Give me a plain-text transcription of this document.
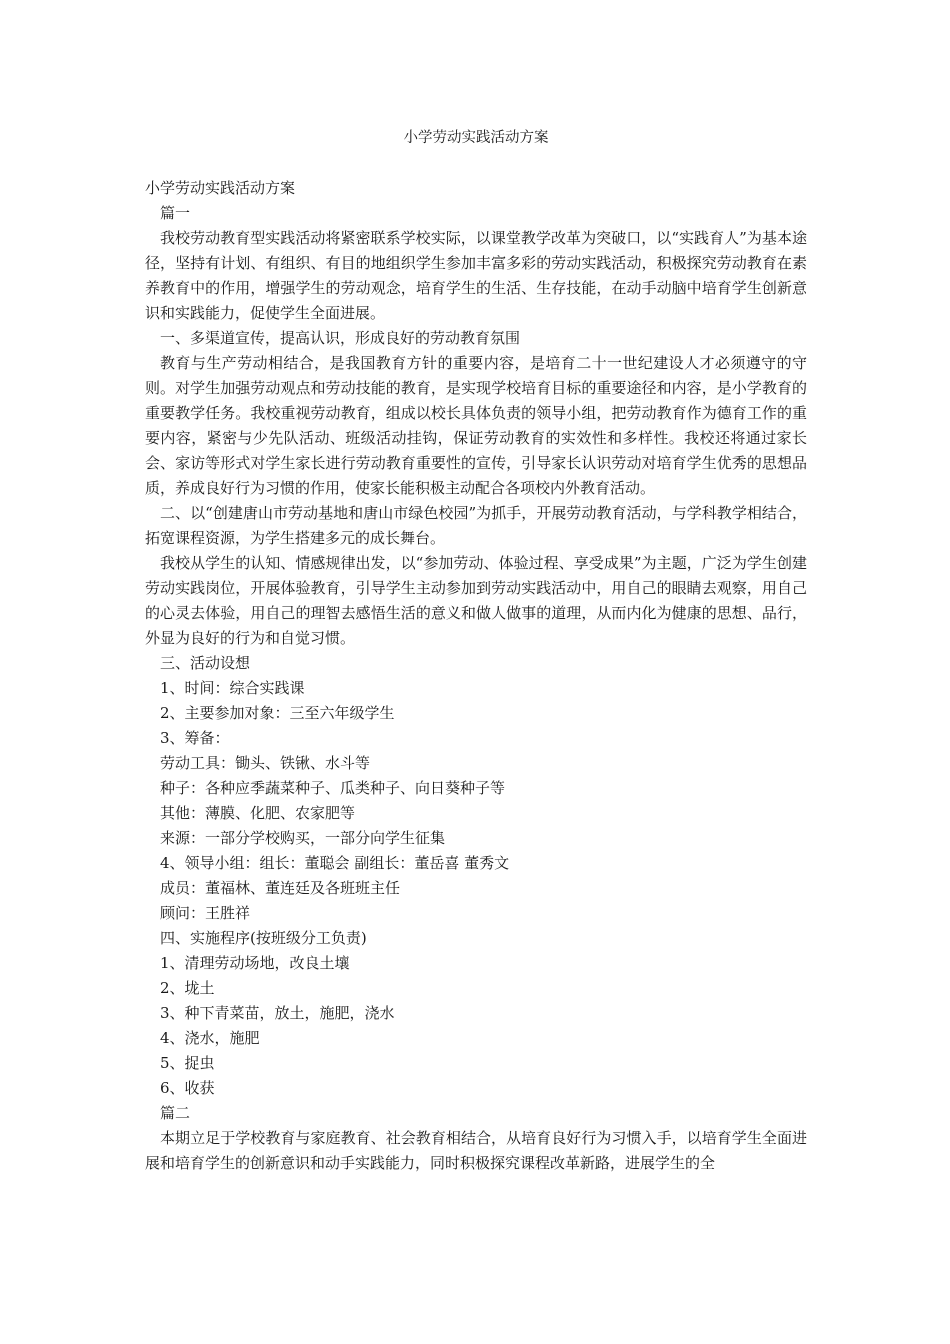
小学劳动实践活动方案

小学劳动实践活动方案

篇一

我校劳动教育型实践活动将紧密联系学校实际，以课堂教学改革为突破口，以“实践育人”为基本途径，坚持有计划、有组织、有目的地组织学生参加丰富多彩的劳动实践活动，积极探究劳动教育在素养教育中的作用，增强学生的劳动观念，培育学生的生活、生存技能，在动手动脑中培育学生创新意识和实践能力，促使学生全面进展。

一、多渠道宣传，提高认识，形成良好的劳动教育氛围

教育与生产劳动相结合，是我国教育方针的重要内容，是培育二十一世纪建设人才必须遵守的守则。对学生加强劳动观点和劳动技能的教育，是实现学校培育目标的重要途径和内容，是小学教育的重要教学任务。我校重视劳动教育，组成以校长具体负责的领导小组，把劳动教育作为德育工作的重要内容，紧密与少先队活动、班级活动挂钩，保证劳动教育的实效性和多样性。我校还将通过家长会、家访等形式对学生家长进行劳动教育重要性的宣传，引导家长认识劳动对培育学生优秀的思想品质，养成良好行为习惯的作用，使家长能积极主动配合各项校内外教育活动。

二、以“创建唐山市劳动基地和唐山市绿色校园”为抓手，开展劳动教育活动，与学科教学相结合，拓宽课程资源，为学生搭建多元的成长舞台。

我校从学生的认知、情感规律出发，以“参加劳动、体验过程、享受成果”为主题，广泛为学生创建劳动实践岗位，开展体验教育，引导学生主动参加到劳动实践活动中，用自己的眼睛去观察，用自己的心灵去体验，用自己的理智去感悟生活的意义和做人做事的道理，从而内化为健康的思想、品行，外显为良好的行为和自觉习惯。

三、活动设想

1、时间：综合实践课

2、主要参加对象：三至六年级学生

3、筹备：

劳动工具：锄头、铁锹、水斗等

种子：各种应季蔬菜种子、瓜类种子、向日葵种子等

其他：薄膜、化肥、农家肥等

来源：一部分学校购买，一部分向学生征集

4、领导小组：组长：董聪会 副组长：董岳喜 董秀文

成员：董福林、董连廷及各班班主任

顾问：王胜祥

四、实施程序(按班级分工负责)

1、清理劳动场地，改良土壤

2、垅土

3、种下青菜苗，放土，施肥，浇水

4、浇水，施肥

5、捉虫

6、收获

篇二

本期立足于学校教育与家庭教育、社会教育相结合，从培育良好行为习惯入手，以培育学生全面进展和培育学生的创新意识和动手实践能力，同时积极探究课程改革新路，进展学生的全
